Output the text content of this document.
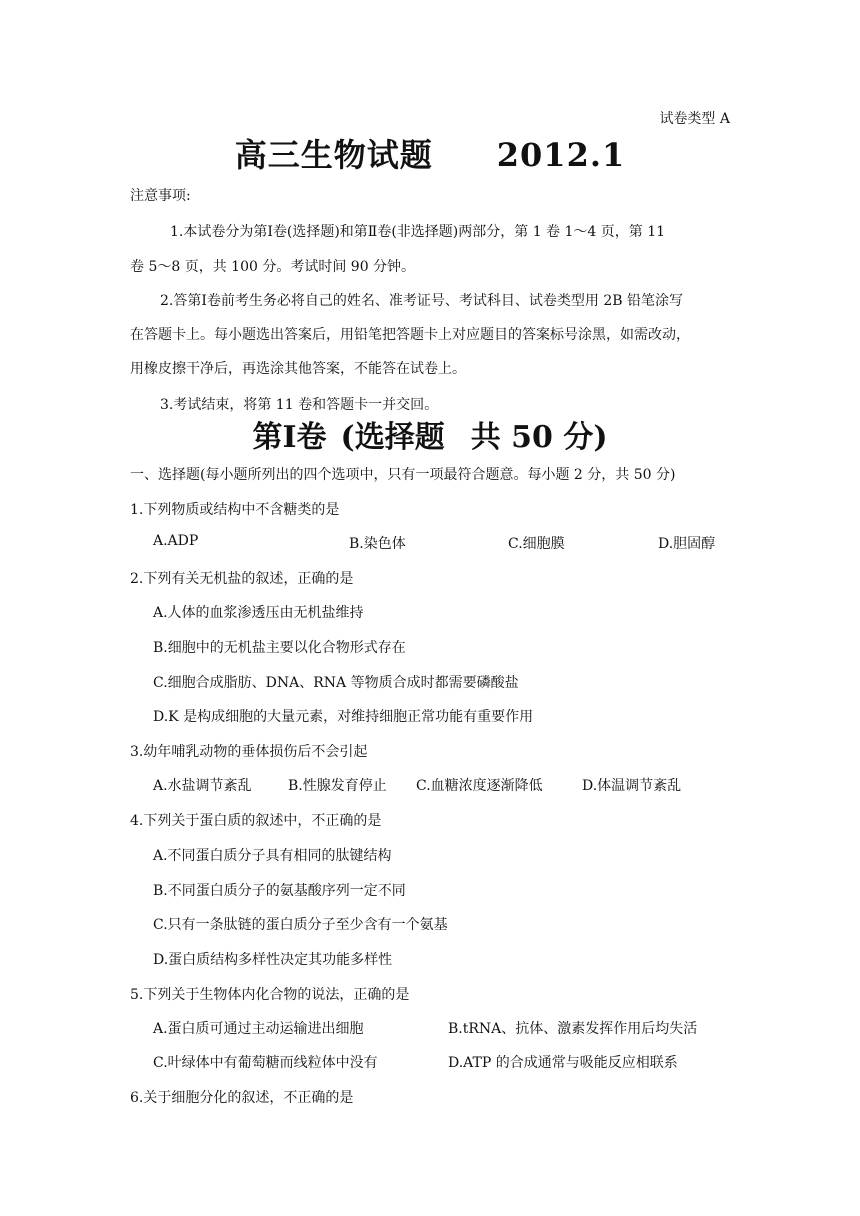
试卷类型 A
高三生物试题 2012.1
注意事项:
1.本试卷分为第Ⅰ卷(选择题)和第Ⅱ卷(非选择题)两部分，第 1 卷 1～4 页，第 11
卷 5～8 页，共 100 分。考试时间 90 分钟。
2.答第Ⅰ卷前考生务必将自己的姓名、准考证号、考试科目、试卷类型用 2B 铅笔涂写
在答题卡上。每小题选出答案后，用铅笔把答题卡上对应题目的答案标号涂黑，如需改动，
用橡皮擦干净后，再选涂其他答案，不能答在试卷上。
3.考试结束，将第 11 卷和答题卡一并交回。
第Ⅰ卷 (选择题 共 50 分)
一、选择题(每小题所列出的四个选项中，只有一项最符合题意。每小题 2 分，共 50 分)
1.下列物质或结构中不含糖类的是
A.ADP	B.染色体	C.细胞膜	D.胆固醇
2.下列有关无机盐的叙述，正确的是
A.人体的血浆渗透压由无机盐维持
B.细胞中的无机盐主要以化合物形式存在
C.细胞合成脂肪、DNA、RNA 等物质合成时都需要磷酸盐
D.K 是构成细胞的大量元素，对维持细胞正常功能有重要作用
3.幼年哺乳动物的垂体损伤后不会引起
A.水盐调节紊乱	B.性腺发育停止 C.血糖浓度逐渐降低	D.体温调节紊乱
4.下列关于蛋白质的叙述中，不正确的是
A.不同蛋白质分子具有相同的肽键结构
B.不同蛋白质分子的氨基酸序列一定不同
C.只有一条肽链的蛋白质分子至少含有一个氨基
D.蛋白质结构多样性决定其功能多样性
5.下列关于生物体内化合物的说法，正确的是
A.蛋白质可通过主动运输进出细胞	B.tRNA、抗体、激素发挥作用后均失活
C.叶绿体中有葡萄糖而线粒体中没有	D.ATP 的合成通常与吸能反应相联系
6.关于细胞分化的叙述，不正确的是
